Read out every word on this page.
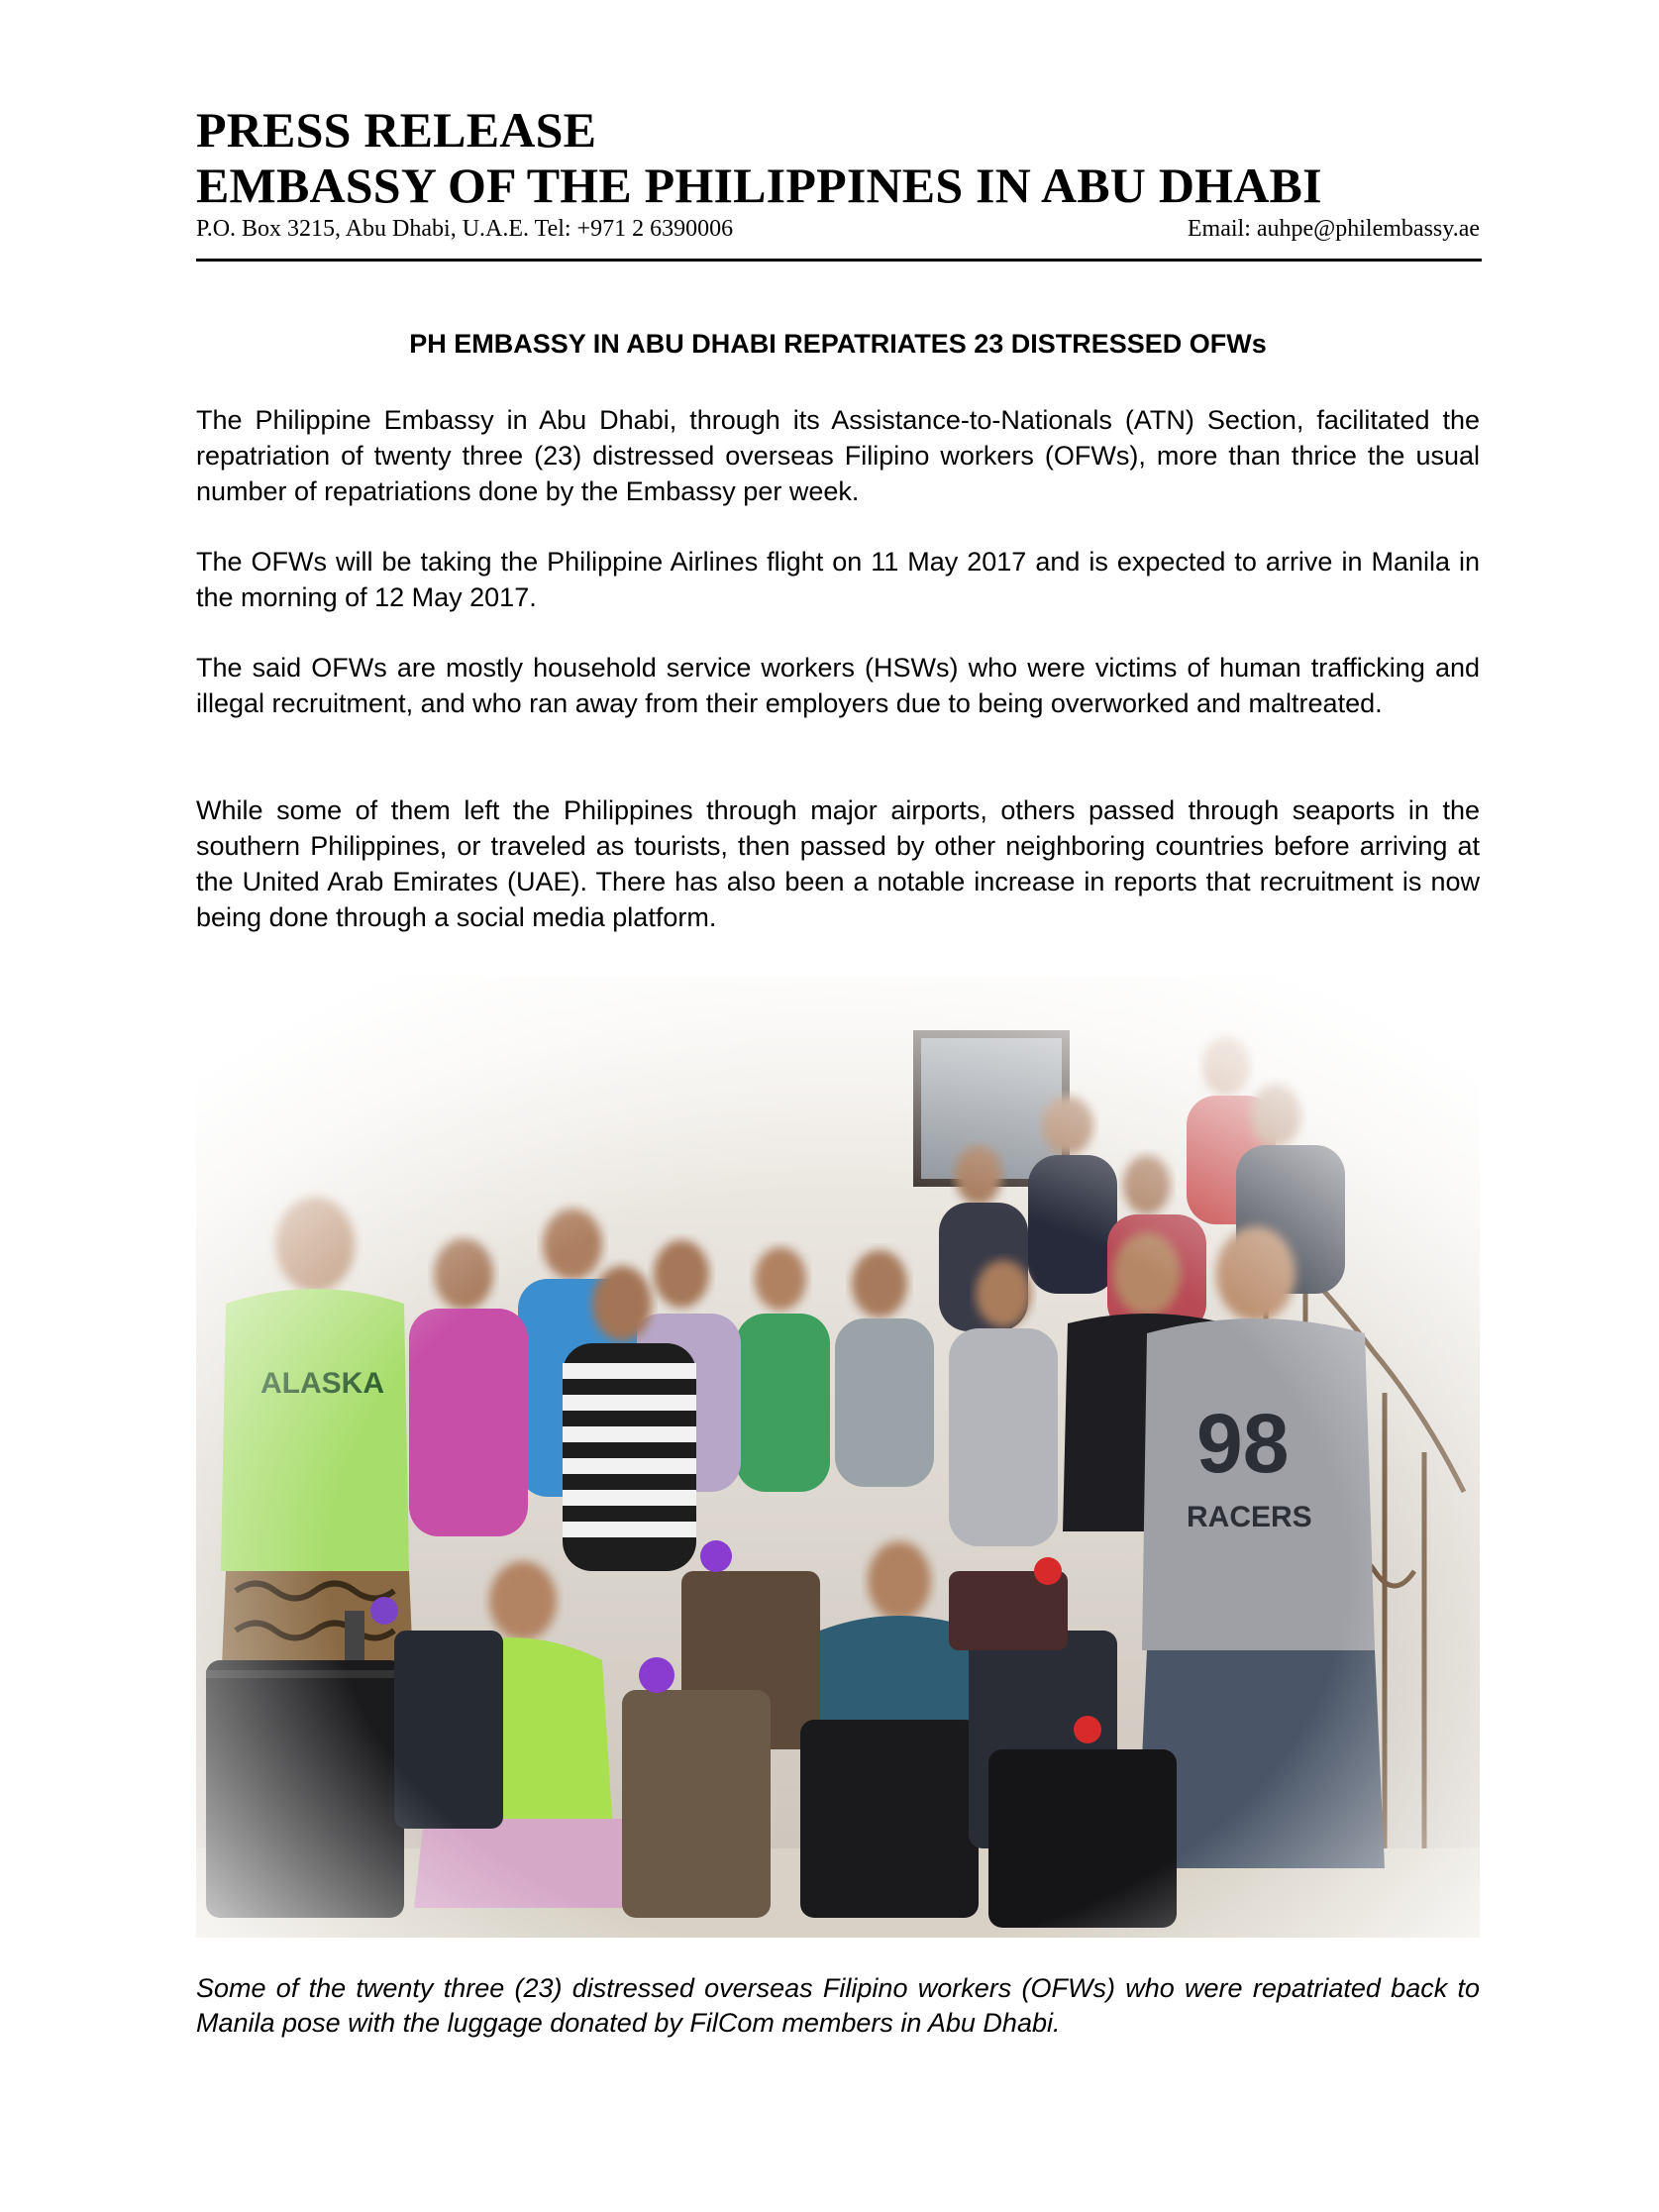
PRESS RELEASE
EMBASSY OF THE PHILIPPINES IN ABU DHABI
P.O. Box 3215, Abu Dhabi, U.A.E. Tel: +971 2 6390006	Email: auhpe@philembassy.ae
PH EMBASSY IN ABU DHABI REPATRIATES 23 DISTRESSED OFWs

The Philippine Embassy in Abu Dhabi, through its Assistance-to-Nationals (ATN) Section, facilitated the repatriation of twenty three (23) distressed overseas Filipino workers (OFWs), more than thrice the usual number of repatriations done by the Embassy per week.

The OFWs will be taking the Philippine Airlines flight on 11 May 2017 and is expected to arrive in Manila in the morning of 12 May 2017.

The said OFWs are mostly household service workers (HSWs) who were victims of human trafficking and illegal recruitment, and who ran away from their employers due to being overworked and maltreated.

While some of them left the Philippines through major airports, others passed through seaports in the southern Philippines, or traveled as tourists, then passed by other neighboring countries before arriving at the United Arab Emirates (UAE). There has also been a notable increase in reports that recruitment is now being done through a social media platform.

Some of the twenty three (23) distressed overseas Filipino workers (OFWs) who were repatriated back to Manila pose with the luggage donated by FilCom members in Abu Dhabi.
